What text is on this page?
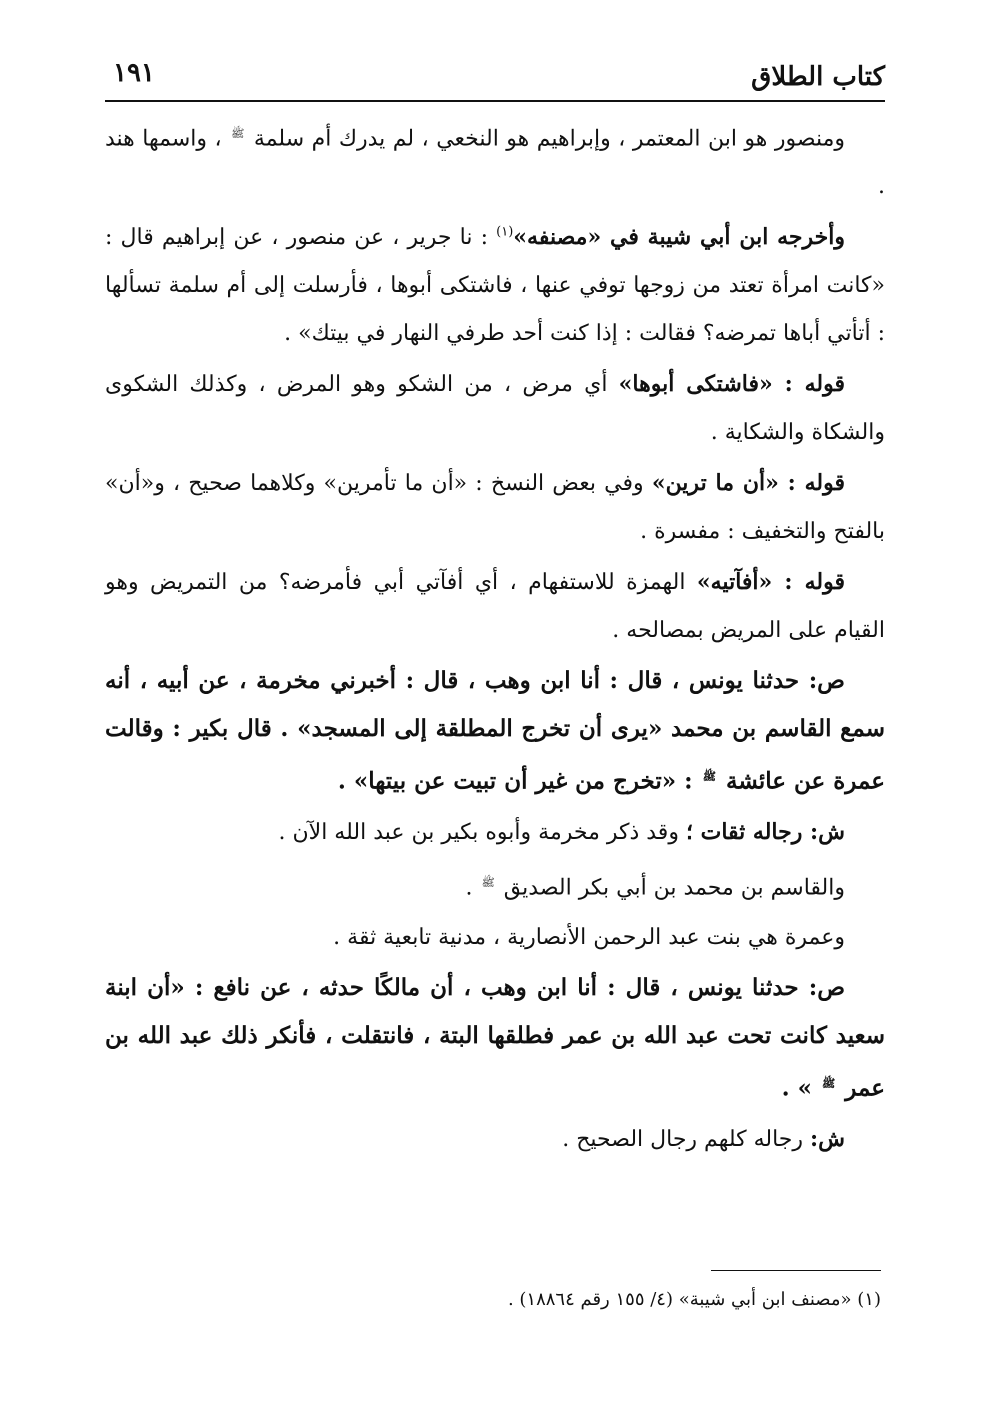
كتاب الطلاق
١٩١

ومنصور هو ابن المعتمر ، وإبراهيم هو النخعي ، لم يدرك أم سلمة $^ﷺ$ ، واسمها هند .

وأخرجه ابن أبي شيبة في «مصنفه»$^{(١)}$ : نا جرير ، عن منصور ، عن إبراهيم قال : «كانت امرأة تعتد من زوجها توفي عنها ، فاشتكى أبوها ، فأرسلت إلى أم سلمة تسألها : أتأتي أباها تمرضه؟ فقالت : إذا كنت أحد طرفي النهار في بيتك» .

قوله : «فاشتكى أبوها» أي مرض ، من الشكو وهو المرض ، وكذلك الشكوى والشكاة والشكاية .

قوله : «أن ما ترين» وفي بعض النسخ : «أن ما تأمرين» وكلاهما صحيح ، و«أن» بالفتح والتخفيف : مفسرة .

قوله : «أفآتيه» الهمزة للاستفهام ، أي أفآتي أبي فأمرضه؟ من التمريض وهو القيام على المريض بمصالحه .

ص: حدثنا يونس ، قال : أنا ابن وهب ، قال : أخبرني مخرمة ، عن أبيه ، أنه سمع القاسم بن محمد «يرى أن تخرج المطلقة إلى المسجد» . قال بكير : وقالت عمرة عن عائشة $^ﷺ$ : «تخرج من غير أن تبيت عن بيتها» .

ش: رجاله ثقات ؛ وقد ذكر مخرمة وأبوه بكير بن عبد الله الآن .

والقاسم بن محمد بن أبي بكر الصديق $^ﷺ$ .

وعمرة هي بنت عبد الرحمن الأنصارية ، مدنية تابعية ثقة .

ص: حدثنا يونس ، قال : أنا ابن وهب ، أن مالكًا حدثه ، عن نافع : «أن ابنة سعيد كانت تحت عبد الله بن عمر فطلقها البتة ، فانتقلت ، فأنكر ذلك عبد الله بن عمر $^ﷺ$ » .

ش: رجاله كلهم رجال الصحيح .

(١) «مصنف ابن أبي شيبة» (٤/ ١٥٥ رقم ١٨٨٦٤) .
